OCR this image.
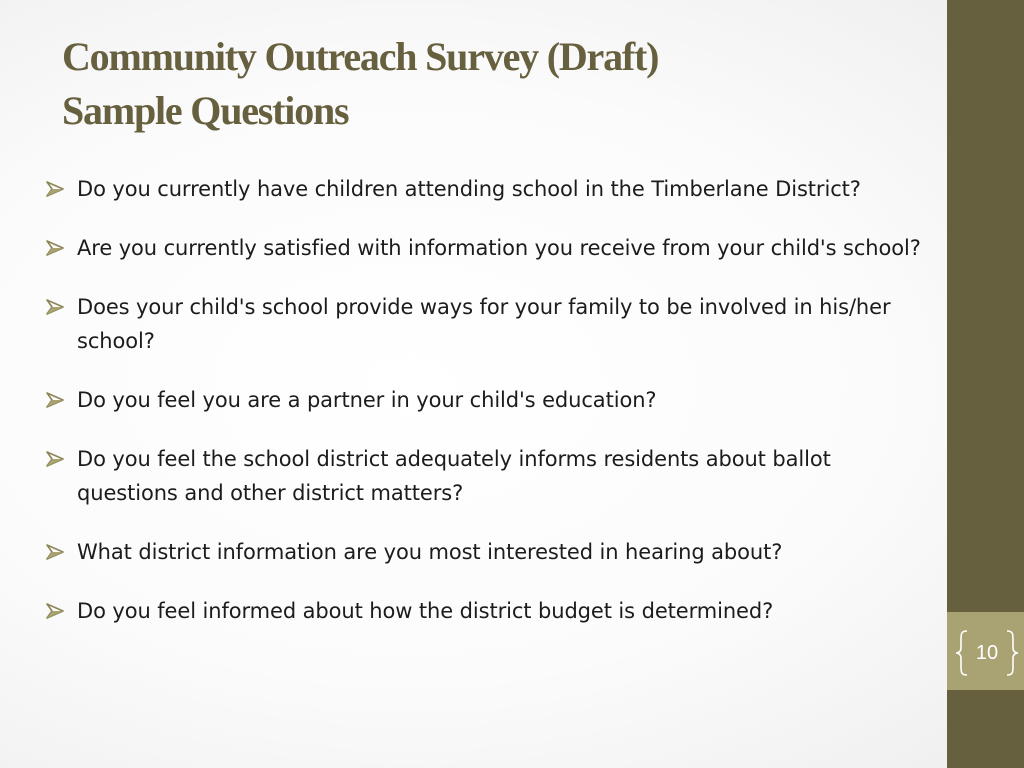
Community Outreach Survey (Draft)
Sample Questions
Do you currently have children attending school in the Timberlane District?
Are you currently satisfied with information you receive from your child's school?
Does your child's school provide ways for your family to be involved in his/her school?
Do you feel you are a partner in your child's education?
Do you feel the school district adequately informs residents about ballot questions and other district matters?
What district information are you most interested in hearing about?
Do you feel informed about how the district budget is determined?
10
